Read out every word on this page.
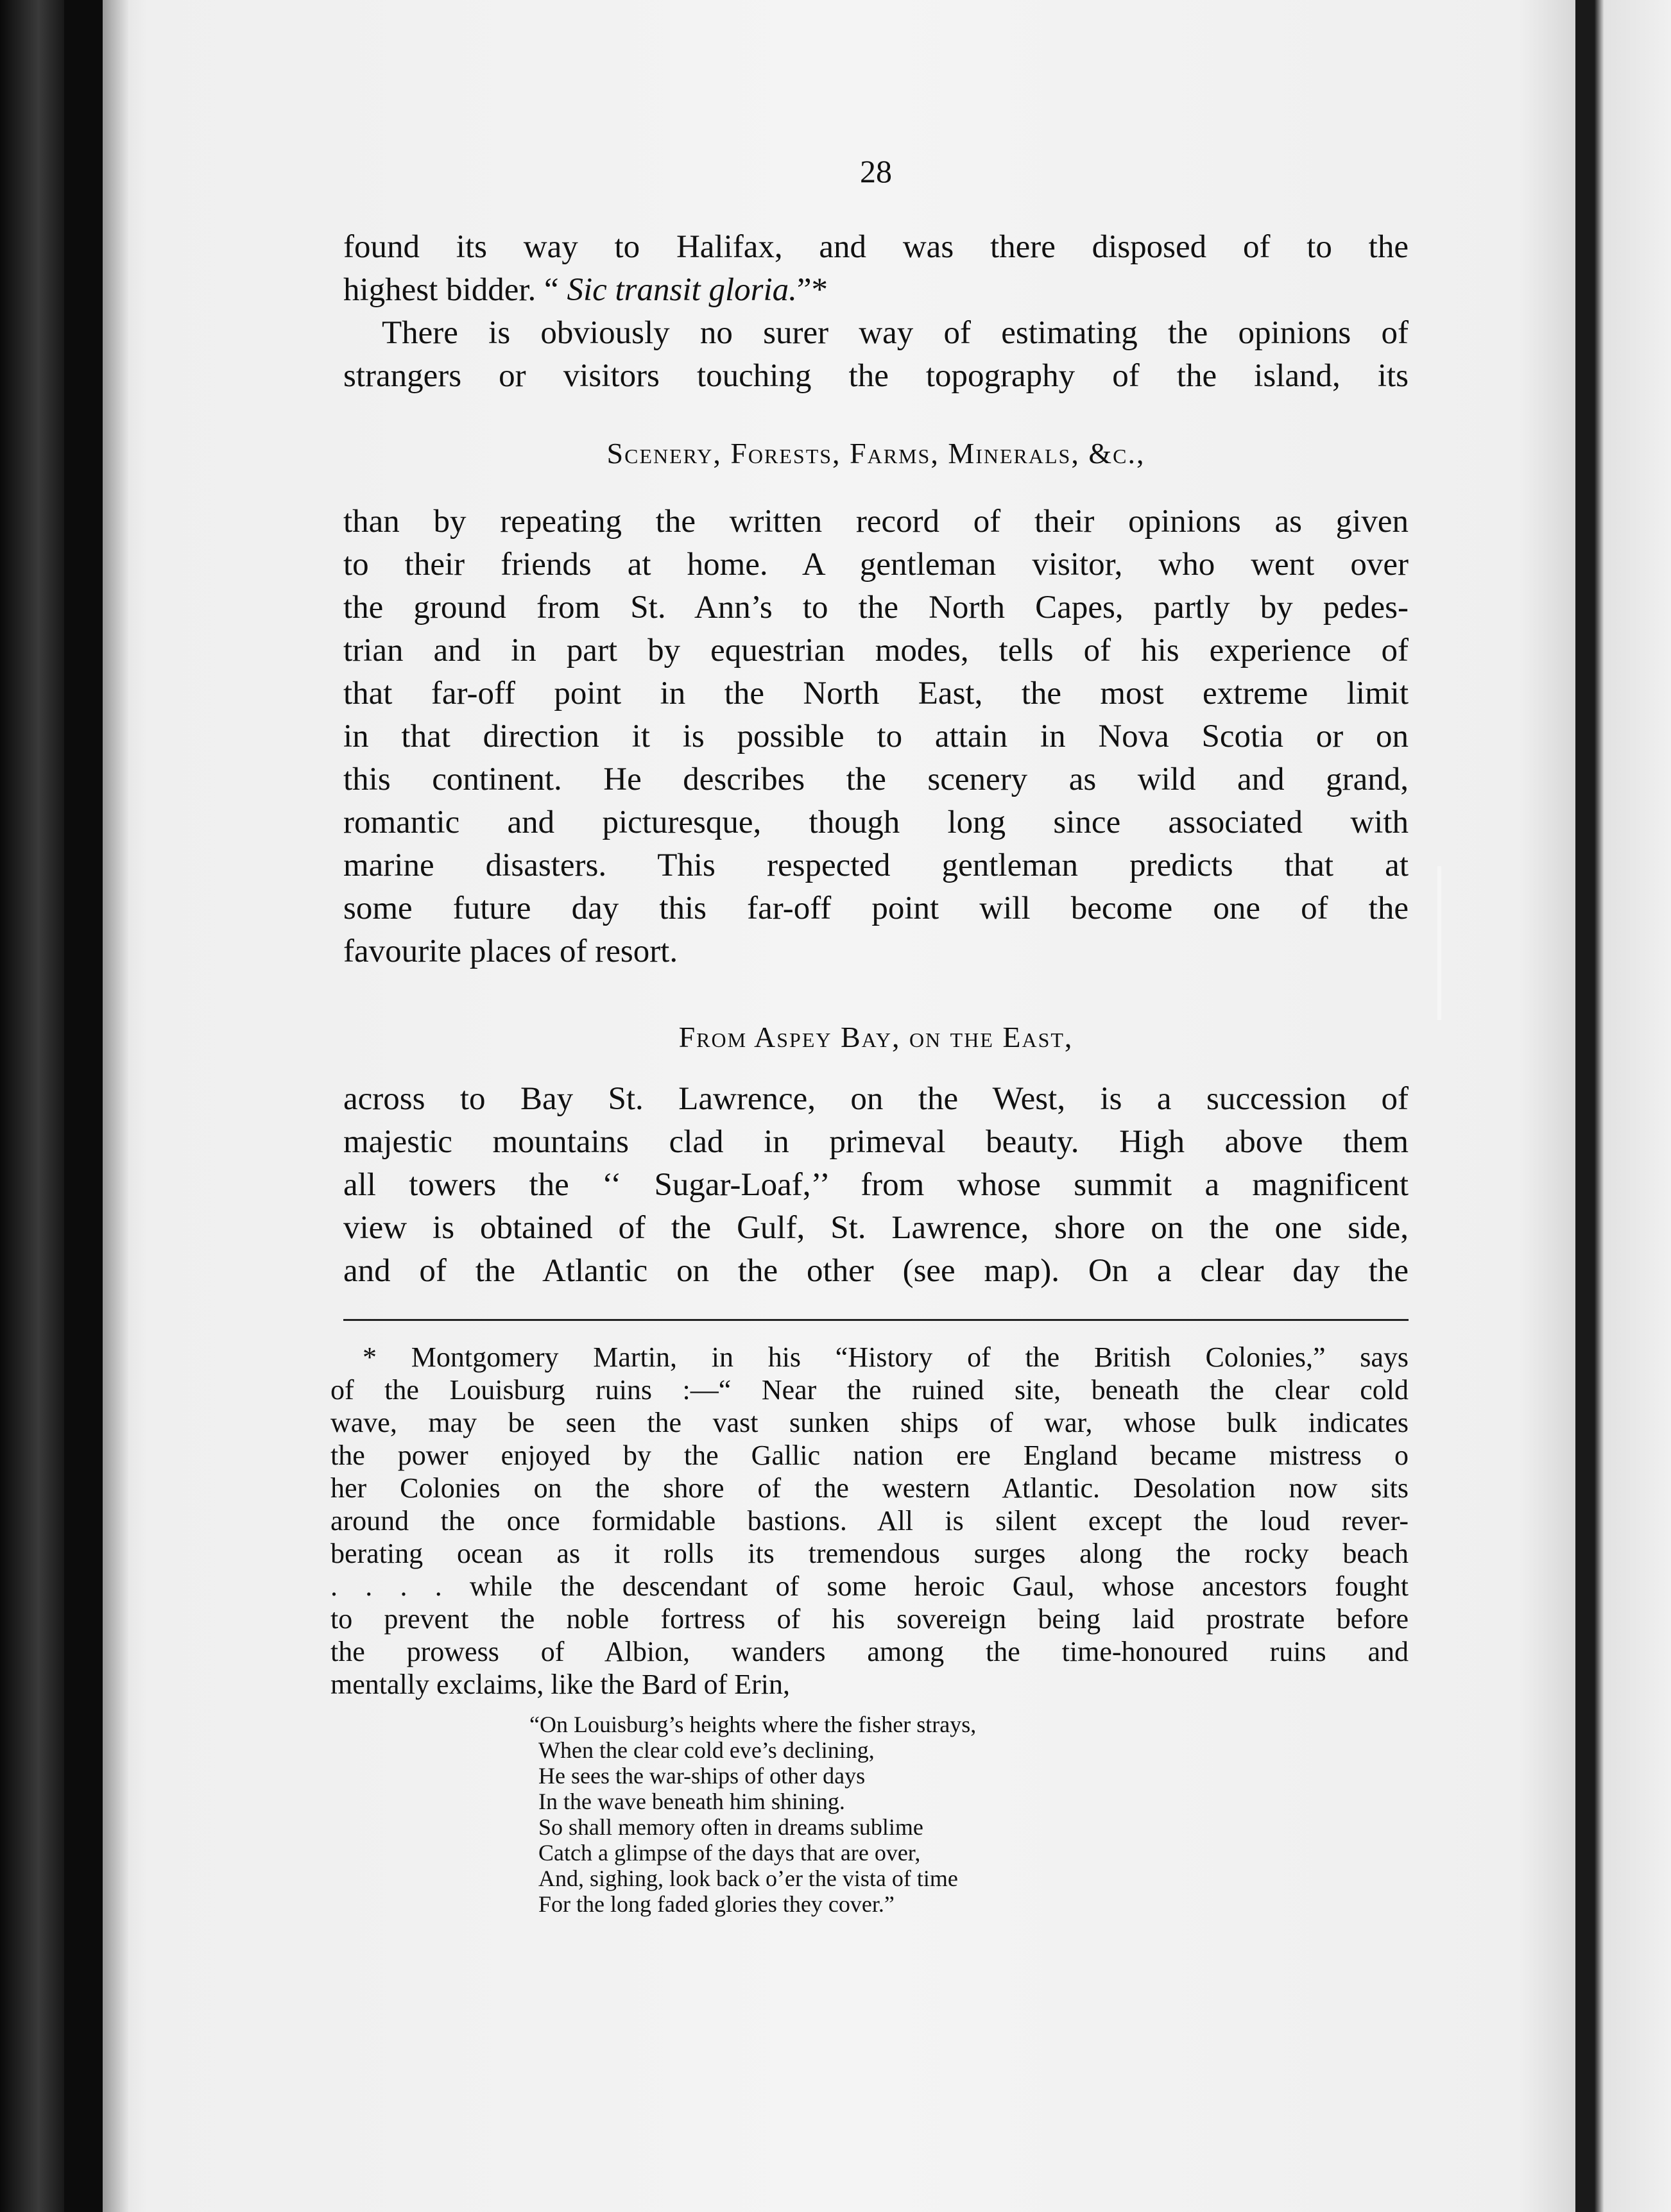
28

found its way to Halifax, and was there disposed of to the
highest bidder. “ Sic transit gloria.”*
There is obviously no surer way of estimating the opinions of
strangers or visitors touching the topography of the island, its

Scenery, Forests, Farms, Minerals, &c.,

than by repeating the written record of their opinions as given
to their friends at home. A gentleman visitor, who went over
the ground from St. Ann’s to the North Capes, partly by pedes-
trian and in part by equestrian modes, tells of his experience of
that far-off point in the North East, the most extreme limit
in that direction it is possible to attain in Nova Scotia or on
this continent. He describes the scenery as wild and grand,
romantic and picturesque, though long since associated with
marine disasters. This respected gentleman predicts that at
some future day this far-off point will become one of the
favourite places of resort.

From Aspey Bay, on the East,

across to Bay St. Lawrence, on the West, is a succession of
majestic mountains clad in primeval beauty. High above them
all towers the ‘‘ Sugar-Loaf,’’ from whose summit a magnificent
view is obtained of the Gulf, St. Lawrence, shore on the one side,
and of the Atlantic on the other (see map). On a clear day the
* Montgomery Martin, in his “History of the British Colonies,” says
of the Louisburg ruins :—“ Near the ruined site, beneath the clear cold
wave, may be seen the vast sunken ships of war, whose bulk indicates
the power enjoyed by the Gallic nation ere England became mistress o
her Colonies on the shore of the western Atlantic. Desolation now sits
around the once formidable bastions. All is silent except the loud rever-
berating ocean as it rolls its tremendous surges along the rocky beach
. . . . while the descendant of some heroic Gaul, whose ancestors fought
to prevent the noble fortress of his sovereign being laid prostrate before
the prowess of Albion, wanders among the time-honoured ruins and
mentally exclaims, like the Bard of Erin,
“On Louisburg’s heights where the fisher strays,
When the clear cold eve’s declining,
He sees the war-ships of other days
In the wave beneath him shining.
So shall memory often in dreams sublime
Catch a glimpse of the days that are over,
And, sighing, look back o’er the vista of time
For the long faded glories they cover.”
